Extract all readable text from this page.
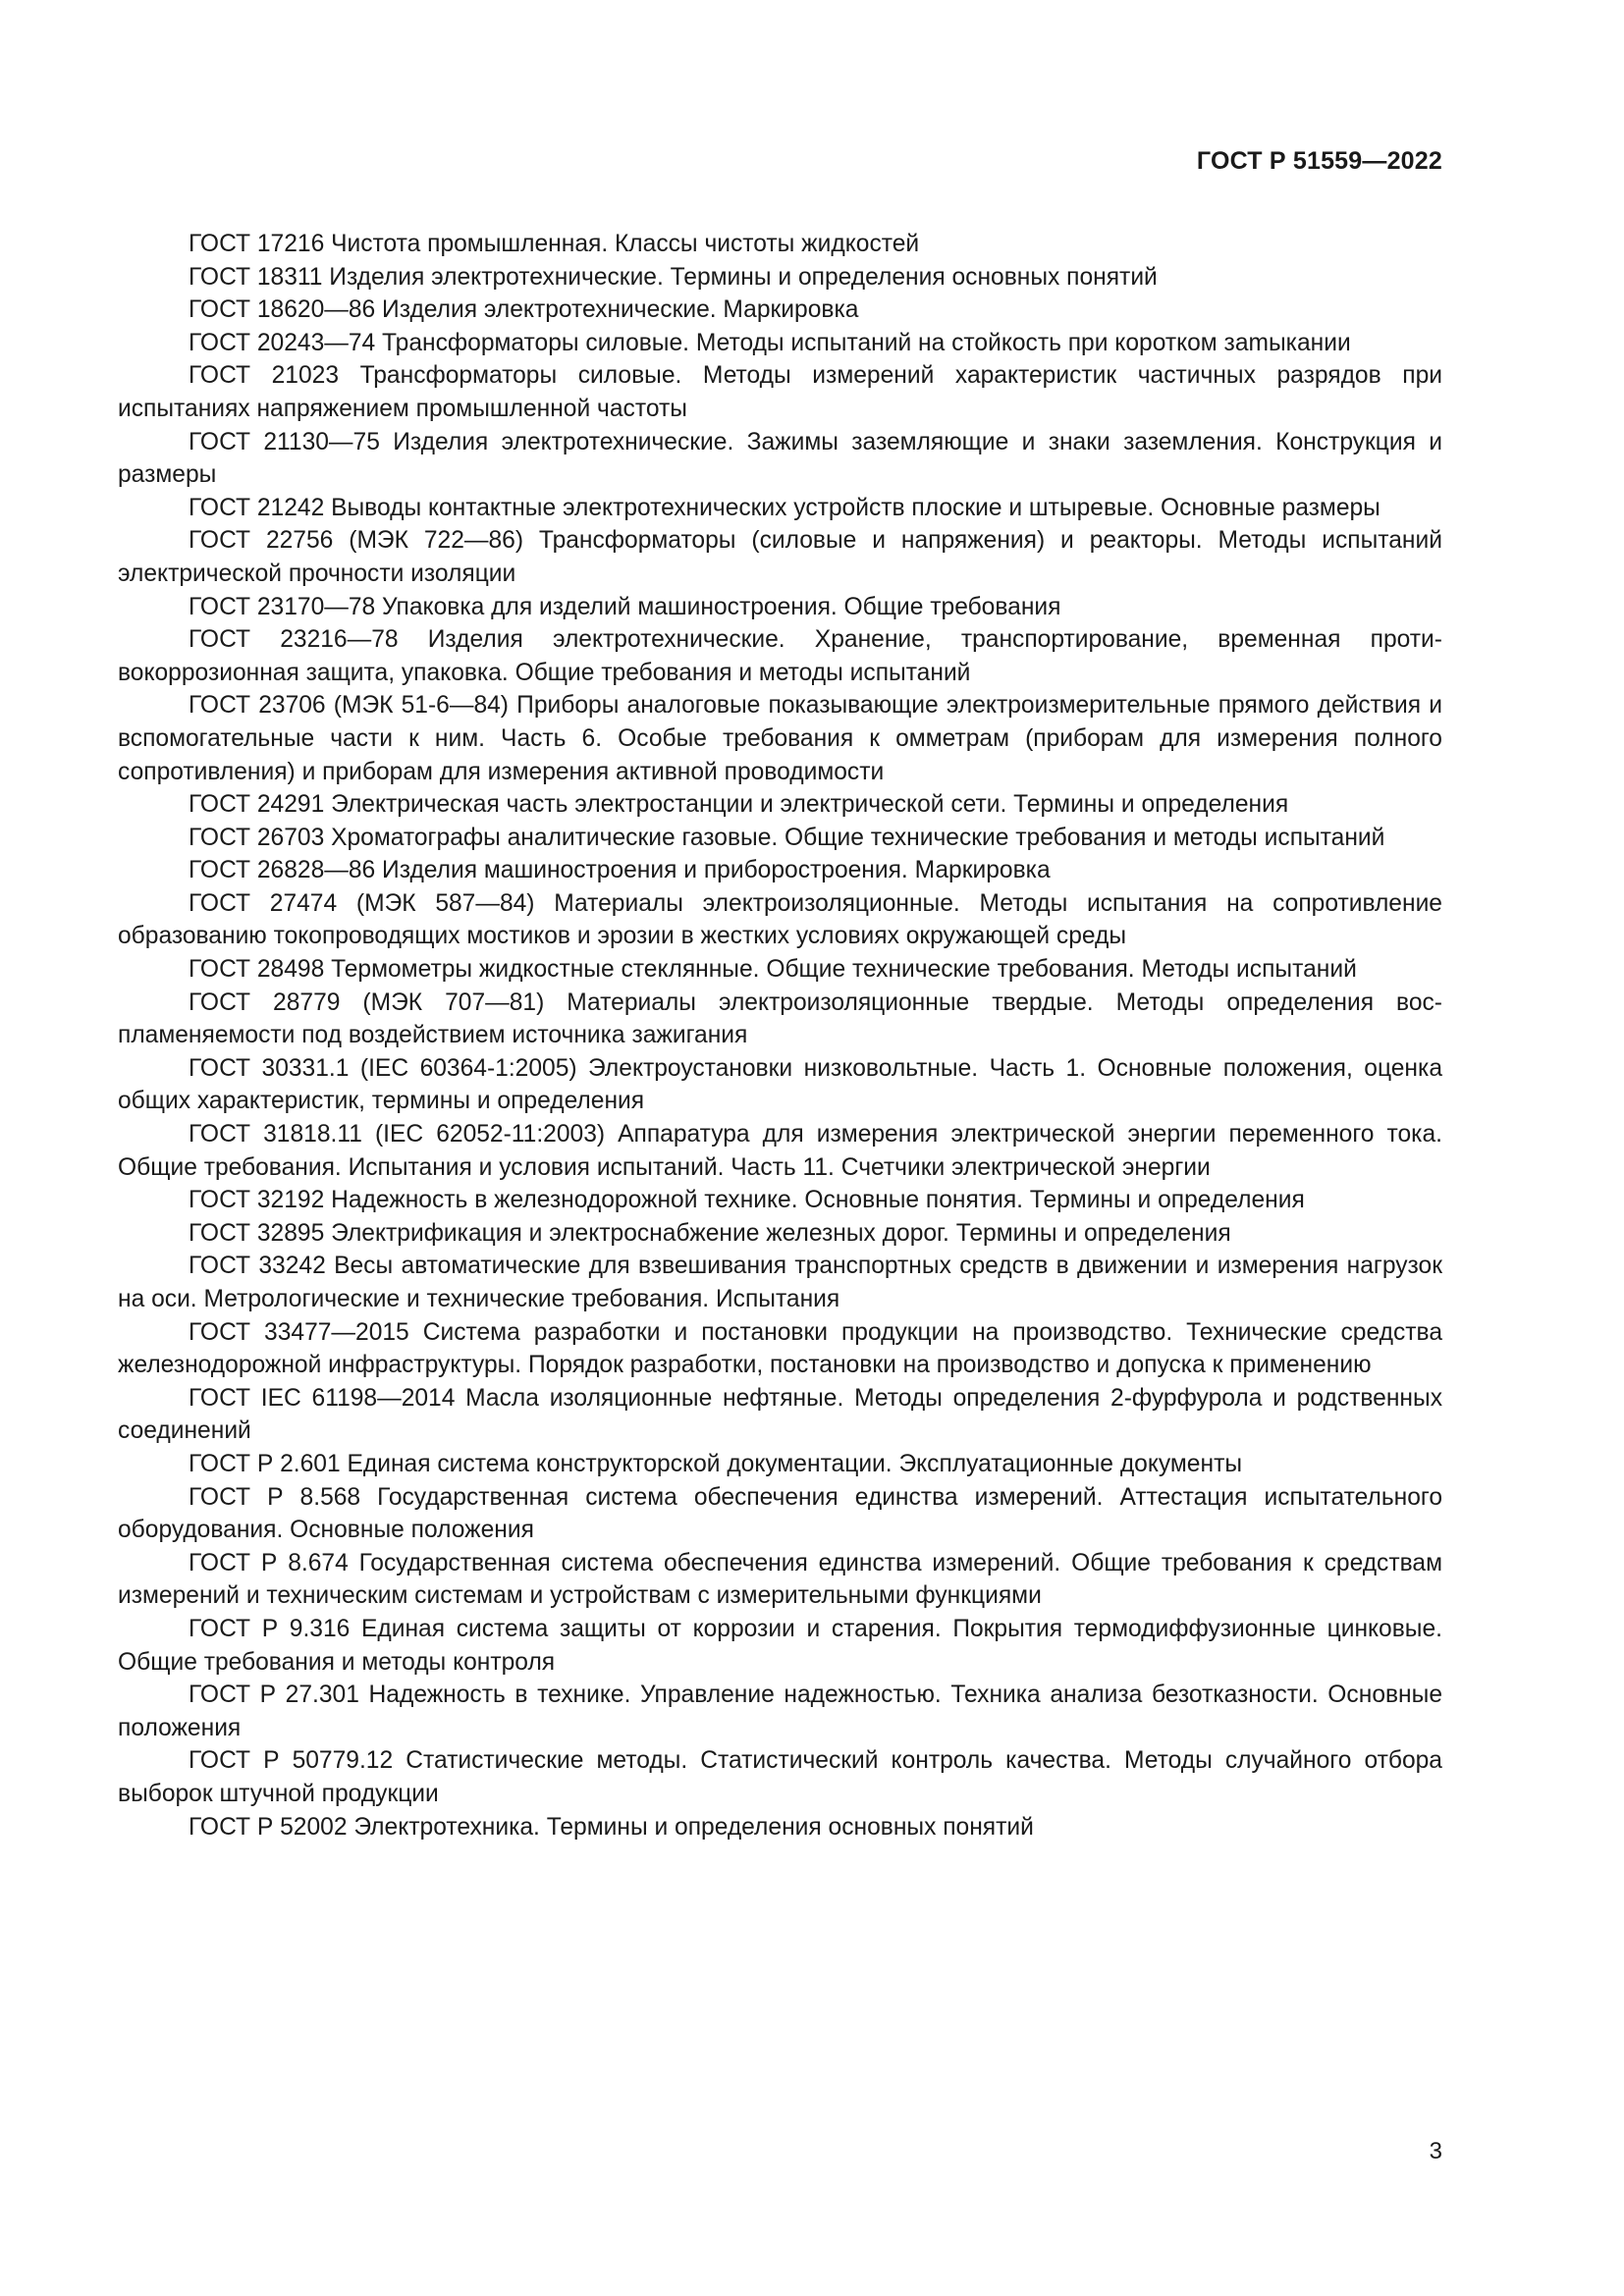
ГОСТ Р 51559—2022

ГОСТ 17216 Чистота промышленная. Классы чистоты жидкостей

ГОСТ 18311 Изделия электротехнические. Термины и определения основных понятий

ГОСТ 18620—86 Изделия электротехнические. Маркировка

ГОСТ 20243—74 Трансформаторы силовые. Методы испытаний на стойкость при коротком заmыкании

ГОСТ 21023 Трансформаторы силовые. Методы измерений характеристик частичных разрядов при испытаниях напряжением промышленной частоты

ГОСТ 21130—75 Изделия электротехнические. Зажимы заземляющие и знаки заземления. Конструкция и размеры

ГОСТ 21242 Выводы контактные электротехнических устройств плоские и штыревые. Основные размеры

ГОСТ 22756 (МЭК 722—86) Трансформаторы (силовые и напряжения) и реакторы. Методы испытаний электрической прочности изоляции

ГОСТ 23170—78 Упаковка для изделий машиностроения. Общие требования

ГОСТ 23216—78 Изделия электротехнические. Хранение, транспортирование, временная противокоррозионная защита, упаковка. Общие требования и методы испытаний

ГОСТ 23706 (МЭК 51-6—84) Приборы аналоговые показывающие электроизмерительные прямого действия и вспомогательные части к ним. Часть 6. Особые требования к омметрам (приборам для измерения полного сопротивления) и приборам для измерения активной проводимости

ГОСТ 24291 Электрическая часть электростанции и электрической сети. Термины и определения

ГОСТ 26703 Хроматографы аналитические газовые. Общие технические требования и методы испытаний

ГОСТ 26828—86 Изделия машиностроения и приборостроения. Маркировка

ГОСТ 27474 (МЭК 587—84) Материалы электроизоляционные. Методы испытания на сопротивление образованию токопроводящих мостиков и эрозии в жестких условиях окружающей среды

ГОСТ 28498 Термометры жидкостные стеклянные. Общие технические требования. Методы испытаний

ГОСТ 28779 (МЭК 707—81) Материалы электроизоляционные твердые. Методы определения воспламеняемости под воздействием источника зажигания

ГОСТ 30331.1 (IEC 60364-1:2005) Электроустановки низковольтные. Часть 1. Основные положения, оценка общих характеристик, термины и определения

ГОСТ 31818.11 (IEC 62052-11:2003) Аппаратура для измерения электрической энергии переменного тока. Общие требования. Испытания и условия испытаний. Часть 11. Счетчики электрической энергии

ГОСТ 32192 Надежность в железнодорожной технике. Основные понятия. Термины и определения

ГОСТ 32895 Электрификация и электроснабжение железных дорог. Термины и определения

ГОСТ 33242 Весы автоматические для взвешивания транспортных средств в движении и измерения нагрузок на оси. Метрологические и технические требования. Испытания

ГОСТ 33477—2015 Система разработки и постановки продукции на производство. Технические средства железнодорожной инфраструктуры. Порядок разработки, постановки на производство и допуска к применению

ГОСТ IEC 61198—2014 Масла изоляционные нефтяные. Методы определения 2-фурфурола и родственных соединений

ГОСТ Р 2.601 Единая система конструкторской документации. Эксплуатационные документы

ГОСТ Р 8.568 Государственная система обеспечения единства измерений. Аттестация испытательного оборудования. Основные положения

ГОСТ Р 8.674 Государственная система обеспечения единства измерений. Общие требования к средствам измерений и техническим системам и устройствам с измерительными функциями

ГОСТ Р 9.316 Единая система защиты от коррозии и старения. Покрытия термодиффузионные цинковые. Общие требования и методы контроля

ГОСТ Р 27.301 Надежность в технике. Управление надежностью. Техника анализа безотказности. Основные положения

ГОСТ Р 50779.12 Статистические методы. Статистический контроль качества. Методы случайного отбора выборок штучной продукции

ГОСТ Р 52002 Электротехника. Термины и определения основных понятий

3
